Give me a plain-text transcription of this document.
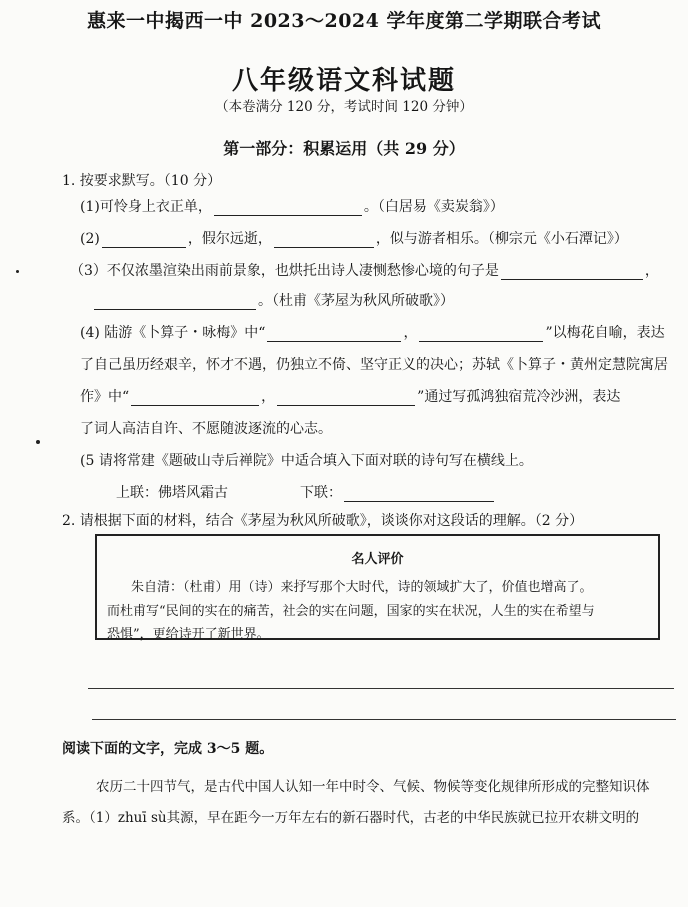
惠来一中揭西一中 2023～2024 学年度第二学期联合考试
八年级语文科试题
（本卷满分 120 分，考试时间 120 分钟）
第一部分：积累运用（共 29 分）
1. 按要求默写。（10 分）
(1)可怜身上衣正单，	。（白居易《卖炭翁》）
(2)	，假尔远逝，	，似与游者相乐。（柳宗元《小石潭记》）
（3）不仅浓墨渲染出雨前景象，也烘托出诗人凄恻愁惨心境的句子是	，
。（杜甫《茅屋为秋风所破歌》）
(4) 陆游《卜算子・咏梅》中“	，	”以梅花自喻，表达
了自己虽历经艰辛，怀才不遇，仍独立不倚、坚守正义的决心；苏轼《卜算子・黄州定慧院寓居
作》中“	，	”通过写孤鸿独宿荒冷沙洲，表达
了词人高洁自许、不愿随波逐流的心志。
(5 请将常建《题破山寺后禅院》中适合填入下面对联的诗句写在横线上。
上联：佛塔风霜古	下联：
2. 请根据下面的材料，结合《茅屋为秋风所破歌》，谈谈你对这段话的理解。（2 分）
名人评价
朱自清：（杜甫）用（诗）来抒写那个大时代，诗的领域扩大了，价值也增高了。
而杜甫写“民间的实在的痛苦，社会的实在问题，国家的实在状况，人生的实在希望与
恐惧”，更给诗开了新世界。
阅读下面的文字，完成 3～5 题。
农历二十四节气，是古代中国人认知一年中时令、气候、物候等变化规律所形成的完整知识体
系。（1）zhuī sù其源，早在距今一万年左右的新石器时代，古老的中华民族就已拉开农耕文明的
